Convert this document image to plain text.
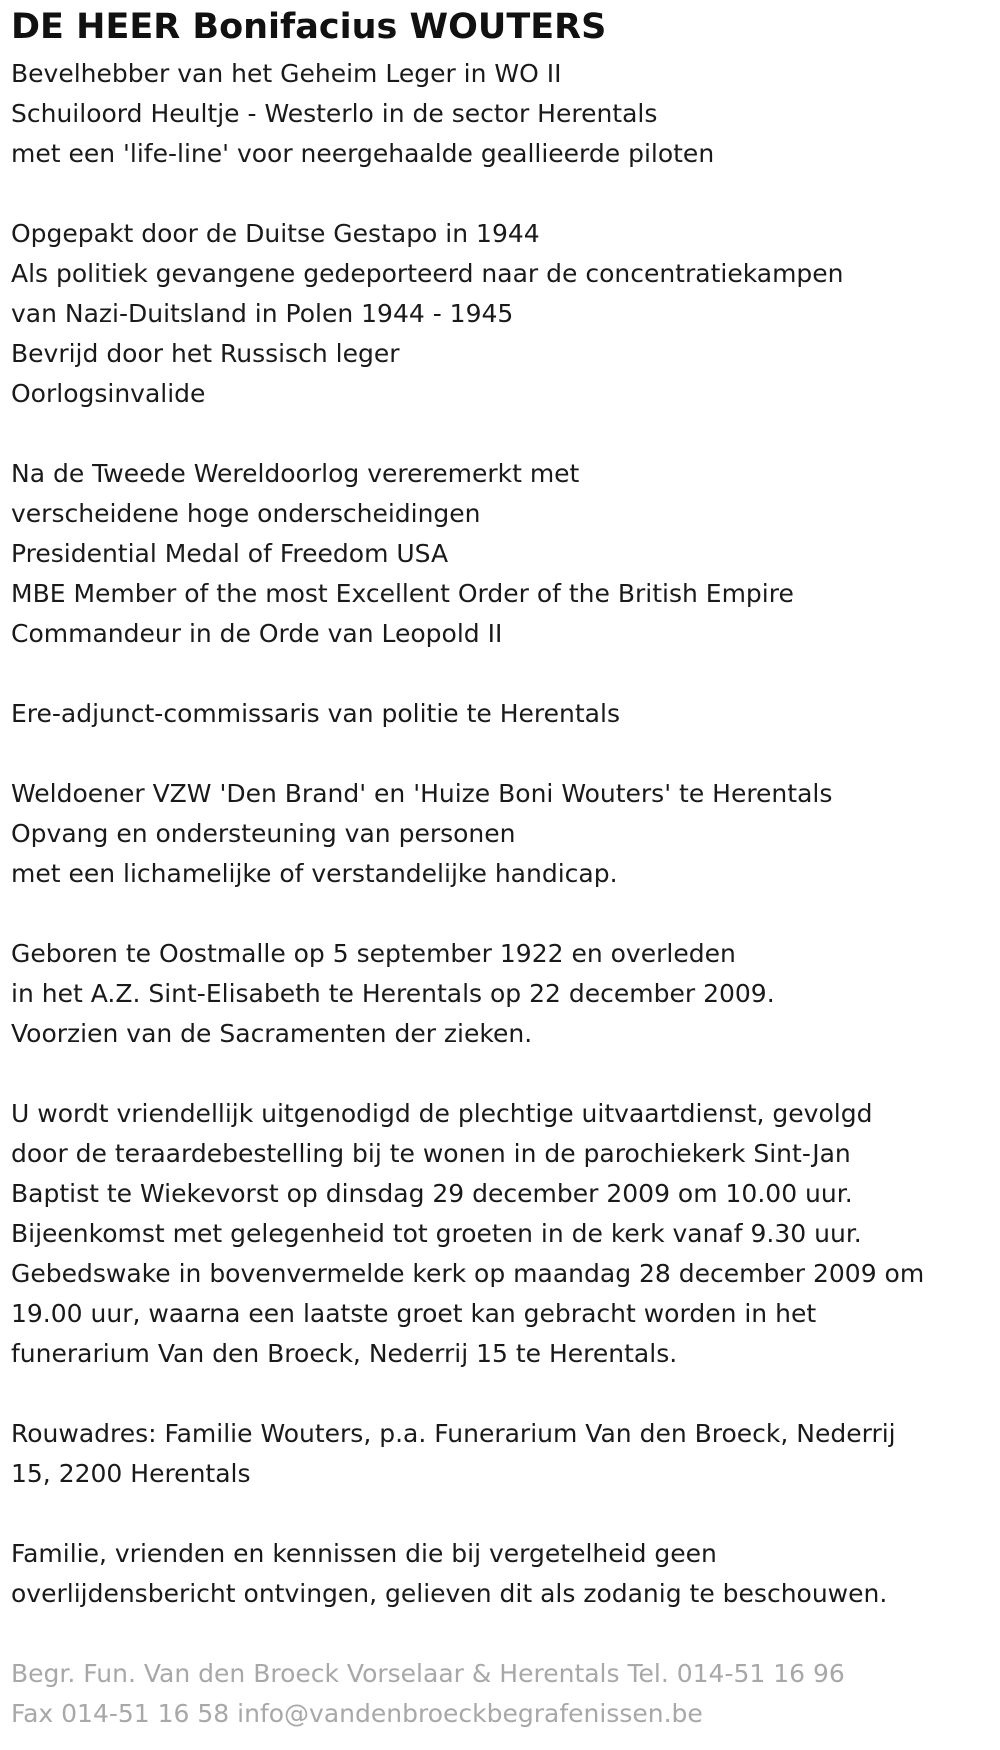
DE HEER Bonifacius WOUTERS
Bevelhebber van het Geheim Leger in WO II
Schuiloord Heultje - Westerlo in de sector Herentals
met een 'life-line' voor neergehaalde geallieerde piloten
Opgepakt door de Duitse Gestapo in 1944
Als politiek gevangene gedeporteerd naar de concentratiekampen
van Nazi-Duitsland in Polen 1944 - 1945
Bevrijd door het Russisch leger
Oorlogsinvalide
Na de Tweede Wereldoorlog vereremerkt met
verscheidene hoge onderscheidingen
Presidential Medal of Freedom USA
MBE Member of the most Excellent Order of the British Empire
Commandeur in de Orde van Leopold II
Ere-adjunct-commissaris van politie te Herentals
Weldoener VZW 'Den Brand' en 'Huize Boni Wouters' te Herentals
Opvang en ondersteuning van personen
met een lichamelijke of verstandelijke handicap.
Geboren te Oostmalle op 5 september 1922 en overleden
in het A.Z. Sint-Elisabeth te Herentals op 22 december 2009.
Voorzien van de Sacramenten der zieken.
U wordt vriendellijk uitgenodigd de plechtige uitvaartdienst, gevolgd
door de teraardebestelling bij te wonen in de parochiekerk Sint-Jan
Baptist te Wiekevorst op dinsdag 29 december 2009 om 10.00 uur.
Bijeenkomst met gelegenheid tot groeten in de kerk vanaf 9.30 uur.
Gebedswake in bovenvermelde kerk op maandag 28 december 2009 om
19.00 uur, waarna een laatste groet kan gebracht worden in het
funerarium Van den Broeck, Nederrij 15 te Herentals.
Rouwadres: Familie Wouters, p.a. Funerarium Van den Broeck, Nederrij
15, 2200 Herentals
Familie, vrienden en kennissen die bij vergetelheid geen
overlijdensbericht ontvingen, gelieven dit als zodanig te beschouwen.
Begr. Fun. Van den Broeck Vorselaar & Herentals Tel. 014-51 16 96
Fax 014-51 16 58 info@vandenbroeckbegrafenissen.be
